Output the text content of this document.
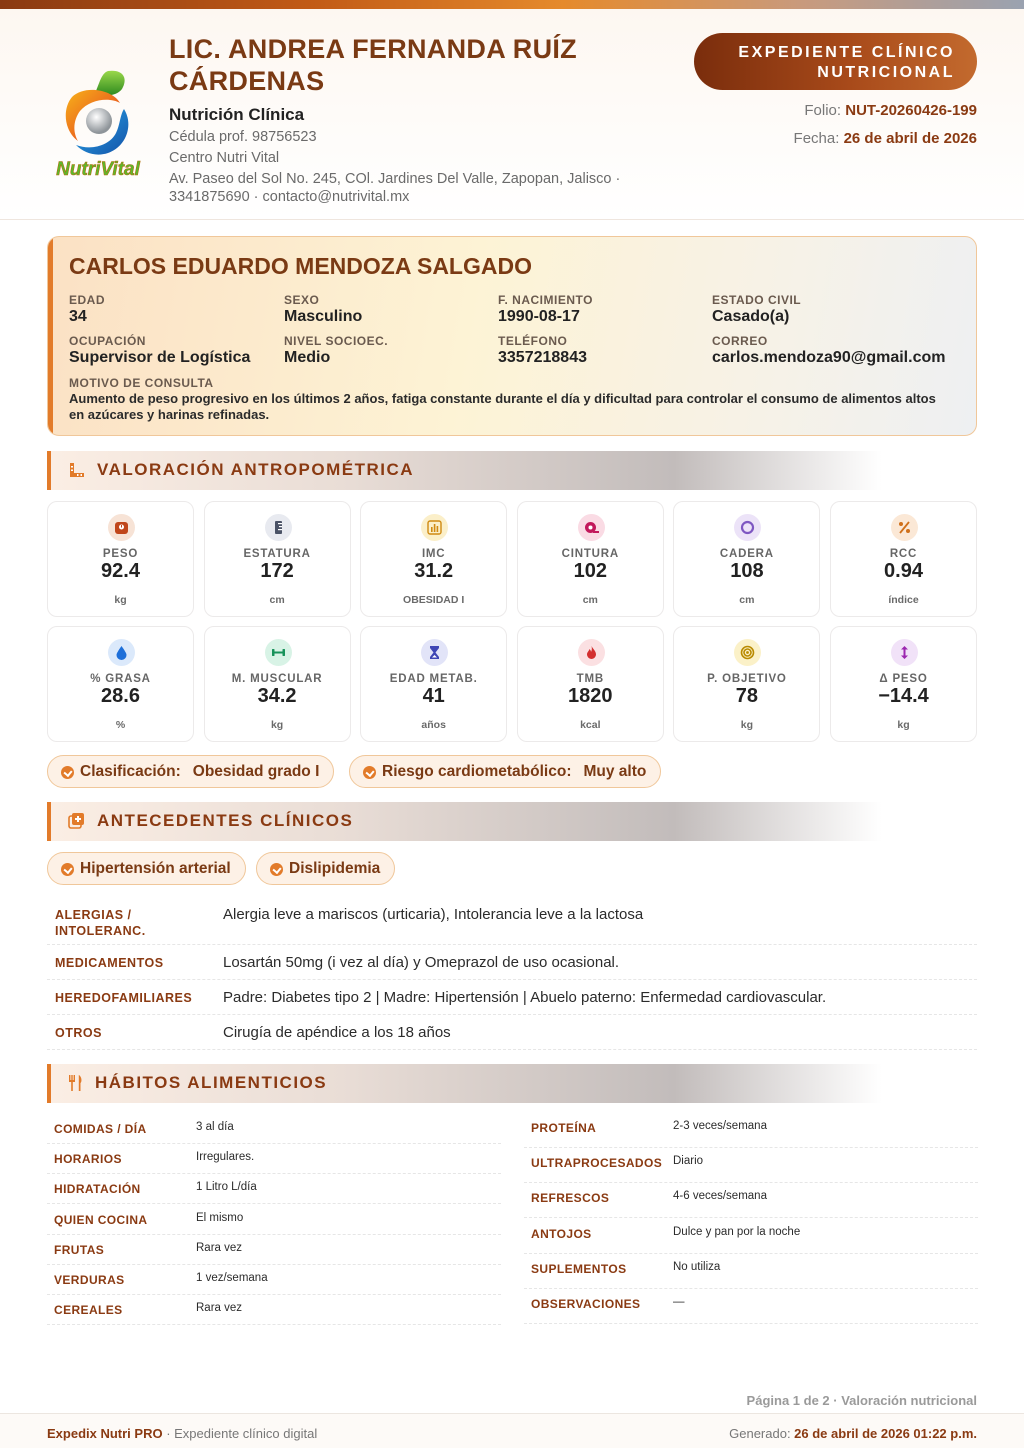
NutriVital
LIC. ANDREA FERNANDA RUÍZ CÁRDENAS
Nutrición Clínica
Cédula prof. 98756523
Centro Nutri Vital
Av. Paseo del Sol No. 245, COl. Jardines Del Valle, Zapopan, Jalisco ·
3341875690 · contacto@nutrivital.mx
EXPEDIENTE CLÍNICO
NUTRICIONAL
Folio: NUT-20260426-199
Fecha: 26 de abril de 2026
CARLOS EDUARDO MENDOZA SALGADO
EDAD
34
SEXO
Masculino
F. NACIMIENTO
1990-08-17
ESTADO CIVIL
Casado(a)
OCUPACIÓN
Supervisor de Logística
NIVEL SOCIOEC.
Medio
TELÉFONO
3357218843
CORREO
carlos.mendoza90@gmail.com
MOTIVO DE CONSULTA
Aumento de peso progresivo en los últimos 2 años, fatiga constante durante el día y dificultad para controlar el consumo de alimentos altos en azúcares y harinas refinadas.
VALORACIÓN ANTROPOMÉTRICA
PESO
92.4
kg
ESTATURA
172
cm
IMC
31.2
OBESIDAD I
CINTURA
102
cm
CADERA
108
cm
RCC
0.94
índice
% GRASA
28.6
%
M. MUSCULAR
34.2
kg
EDAD METAB.
41
años
TMB
1820
kcal
P. OBJETIVO
78
kg
Δ PESO
−14.4
kg
Clasificación: Obesidad grado I	Riesgo cardiometabólico: Muy alto
ANTECEDENTES CLÍNICOS
Hipertensión arterial	Dislipidemia
ALERGIAS /
INTOLERANC.
Alergia leve a mariscos (urticaria), Intolerancia leve a la lactosa
MEDICAMENTOS	Losartán 50mg (i vez al día) y Omeprazol de uso ocasional.
HEREDOFAMILIARES Padre: Diabetes tipo 2 | Madre: Hipertensión | Abuelo paterno: Enfermedad cardiovascular.
OTROS	Cirugía de apéndice a los 18 años
HÁBITOS ALIMENTICIOS
COMIDAS / DÍA	3 al día
HORARIOS	Irregulares.
HIDRATACIÓN	1 Litro L/día
QUIEN COCINA	El mismo
FRUTAS	Rara vez
VERDURAS	1 vez/semana
CEREALES	Rara vez
PROTEÍNA	2-3 veces/semana
ULTRAPROCESADOS Diario
REFRESCOS	4-6 veces/semana
ANTOJOS	Dulce y pan por la noche
SUPLEMENTOS	No utiliza
OBSERVACIONES	—
Página 1 de 2 · Valoración nutricional
Expedix Nutri PRO · Expediente clínico digital	Generado: 26 de abril de 2026 01:22 p.m.
